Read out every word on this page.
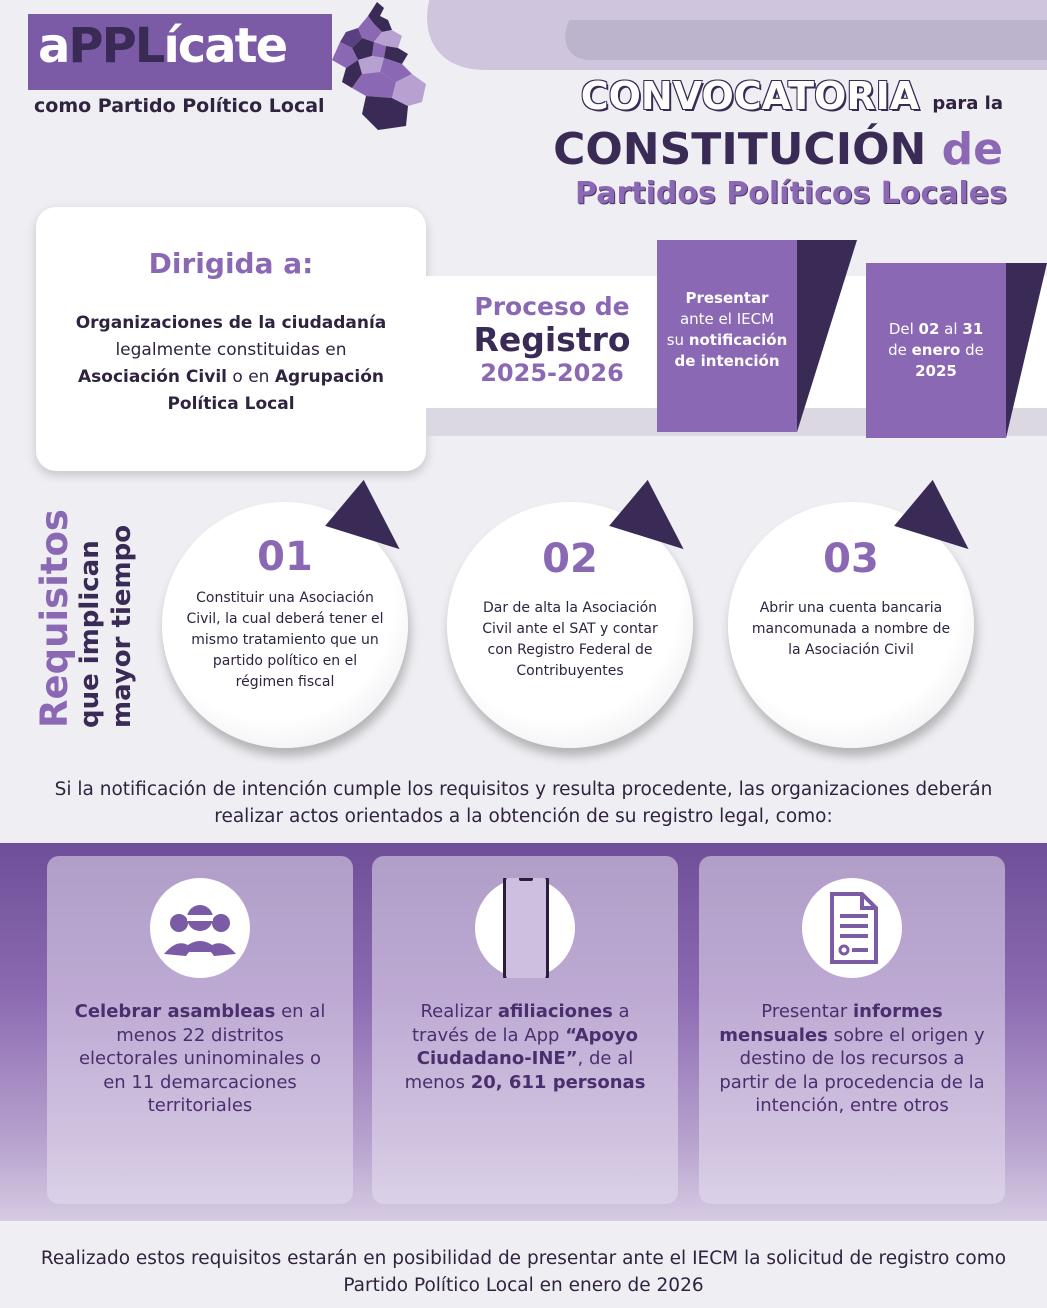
aPPLícate
como Partido Político Local	CONVOCATORIA para la
CONSTITUCIÓN de
Partidos Políticos Locales
Dirigida a:
Organizaciones de la ciudadanía
legalmente constituidas en
Asociación Civil o en Agrupación Política Local
Proceso de
Registro
2025-2026
Presentar
ante el IECM
su notificación de intención
Del 02 al 31
de enero de
2025
Requisitos que implican mayor tiempo	01
Constituir una Asociación Civil, la cual deberá tener el mismo tratamiento que un partido político en el régimen fiscal
02
Dar de alta la Asociación Civil ante el SAT y contar con Registro Federal de Contribuyentes
03
Abrir una cuenta bancaria mancomunada a nombre de la Asociación Civil
Si la notificación de intención cumple los requisitos y resulta procedente, las organizaciones deberán realizar actos orientados a la obtención de su registro legal, como:
Celebrar asambleas en al menos 22 distritos electorales uninominales o en 11 demarcaciones territoriales
Realizar afiliaciones a través de la App “Apoyo Ciudadano-INE”, de al menos 20, 611 personas
Presentar informes mensuales sobre el origen y destino de los recursos a partir de la procedencia de la intención, entre otros
Realizado estos requisitos estarán en posibilidad de presentar ante el IECM la solicitud de registro como Partido Político Local en enero de 2026
